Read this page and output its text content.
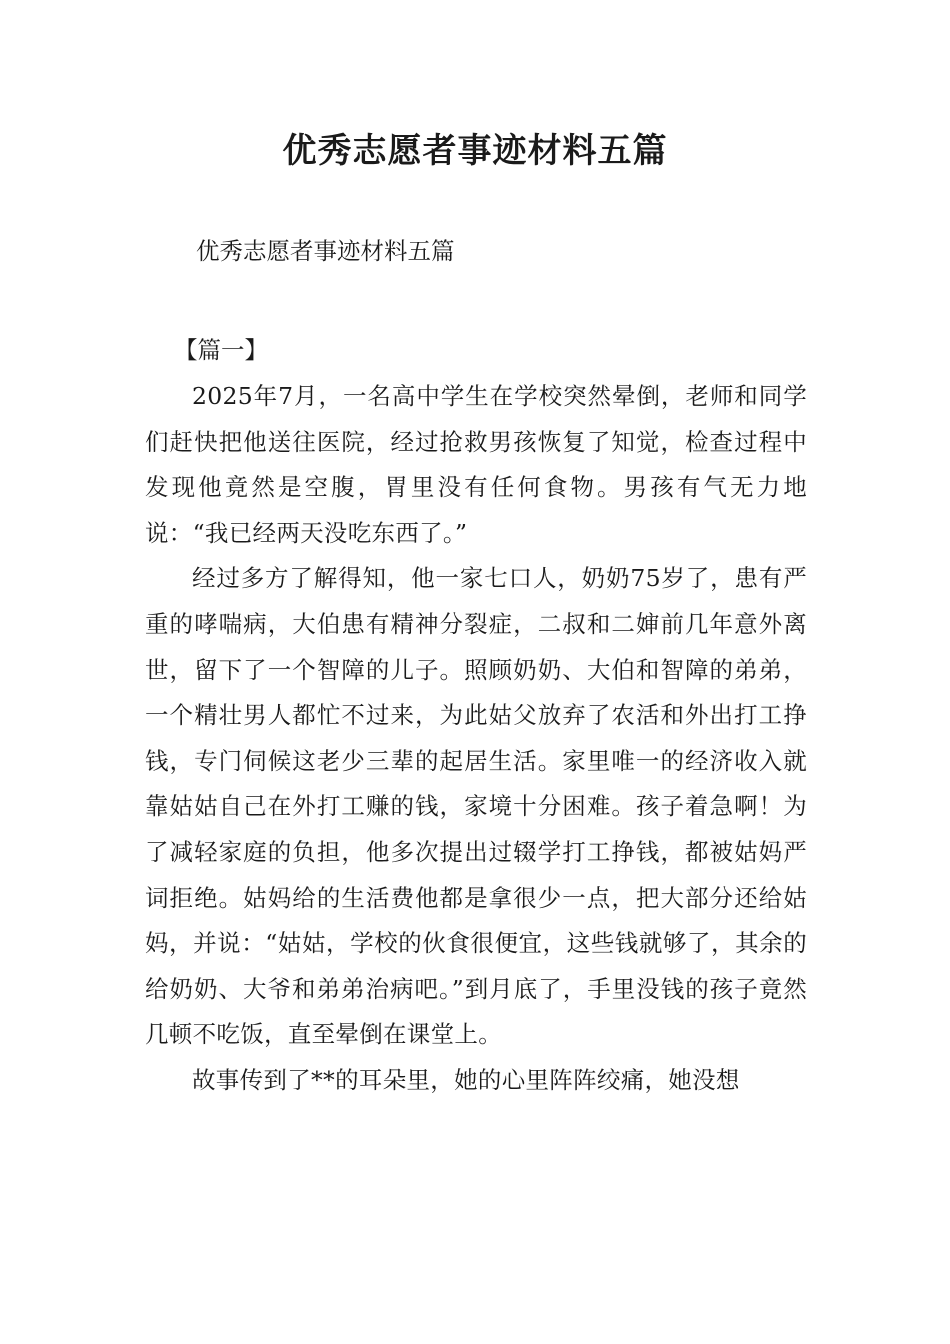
优秀志愿者事迹材料五篇
优秀志愿者事迹材料五篇
【篇一】

2025年7月，一名高中学生在学校突然晕倒，老师和同学们赶快把他送往医院，经过抢救男孩恢复了知觉，检查过程中发现他竟然是空腹，胃里没有任何食物。男孩有气无力地说：“我已经两天没吃东西了。”

经过多方了解得知，他一家七口人，奶奶75岁了，患有严重的哮喘病，大伯患有精神分裂症，二叔和二婶前几年意外离世，留下了一个智障的儿子。照顾奶奶、大伯和智障的弟弟，一个精壮男人都忙不过来，为此姑父放弃了农活和外出打工挣钱，专门伺候这老少三辈的起居生活。家里唯一的经济收入就靠姑姑自己在外打工赚的钱，家境十分困难。孩子着急啊！为了减轻家庭的负担，他多次提出过辍学打工挣钱，都被姑妈严词拒绝。姑妈给的生活费他都是拿很少一点，把大部分还给姑妈，并说：“姑姑，学校的伙食很便宜，这些钱就够了，其余的给奶奶、大爷和弟弟治病吧。”到月底了，手里没钱的孩子竟然几顿不吃饭，直至晕倒在课堂上。

故事传到了**的耳朵里，她的心里阵阵绞痛，她没想
